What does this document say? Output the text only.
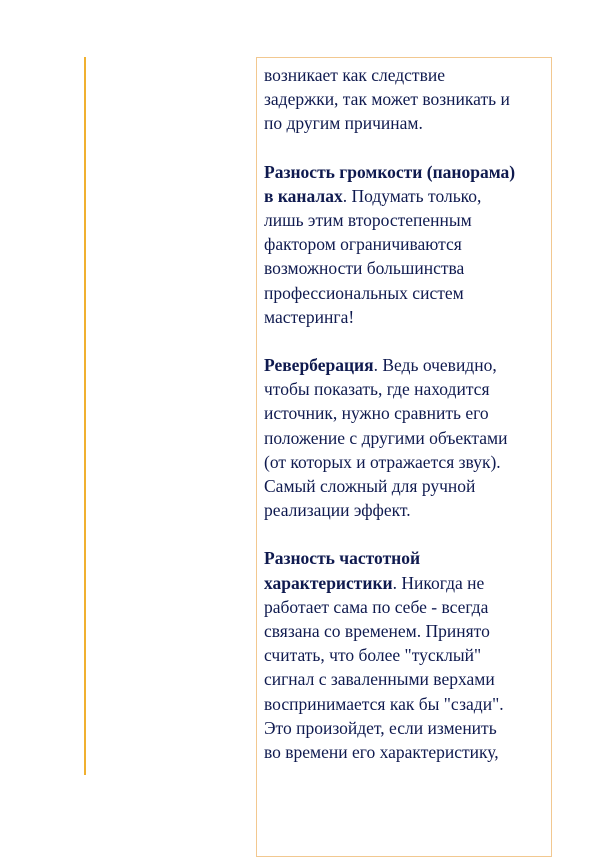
возникает как следствие
задержки, так может возникать и
по другим причинам.

Разность громкости (панорама)
в каналах. Подумать только,
лишь этим второстепенным
фактором ограничиваются
возможности большинства
профессиональных систем
мастеринга!

Реверберация. Ведь очевидно,
чтобы показать, где находится
источник, нужно сравнить его
положение с другими объектами
(от которых и отражается звук).
Самый сложный для ручной
реализации эффект.

Разность частотной
характеристики. Никогда не
работает сама по себе - всегда
связана со временем. Принято
считать, что более "тусклый"
сигнал с заваленными верхами
воспринимается как бы "сзади".
Это произойдет, если изменить
во времени его характеристику,
